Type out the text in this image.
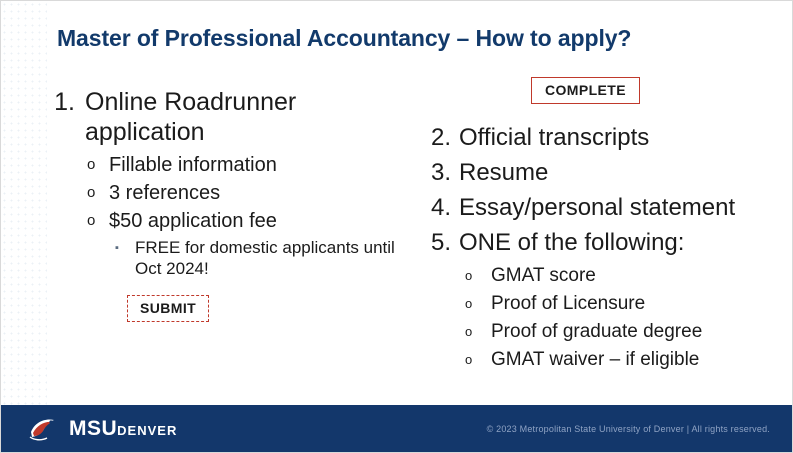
Master of Professional Accountancy – How to apply?
1. Online Roadrunner application
o Fillable information
o 3 references
o $50 application fee
▪ FREE for domestic applicants until Oct 2024!
SUBMIT
COMPLETE
2. Official transcripts
3. Resume
4. Essay/personal statement
5. ONE of the following:
o GMAT score
o Proof of Licensure
o Proof of graduate degree
o GMAT waiver – if eligible
MSUDENVER	© 2023 Metropolitan State University of Denver | All rights reserved.
